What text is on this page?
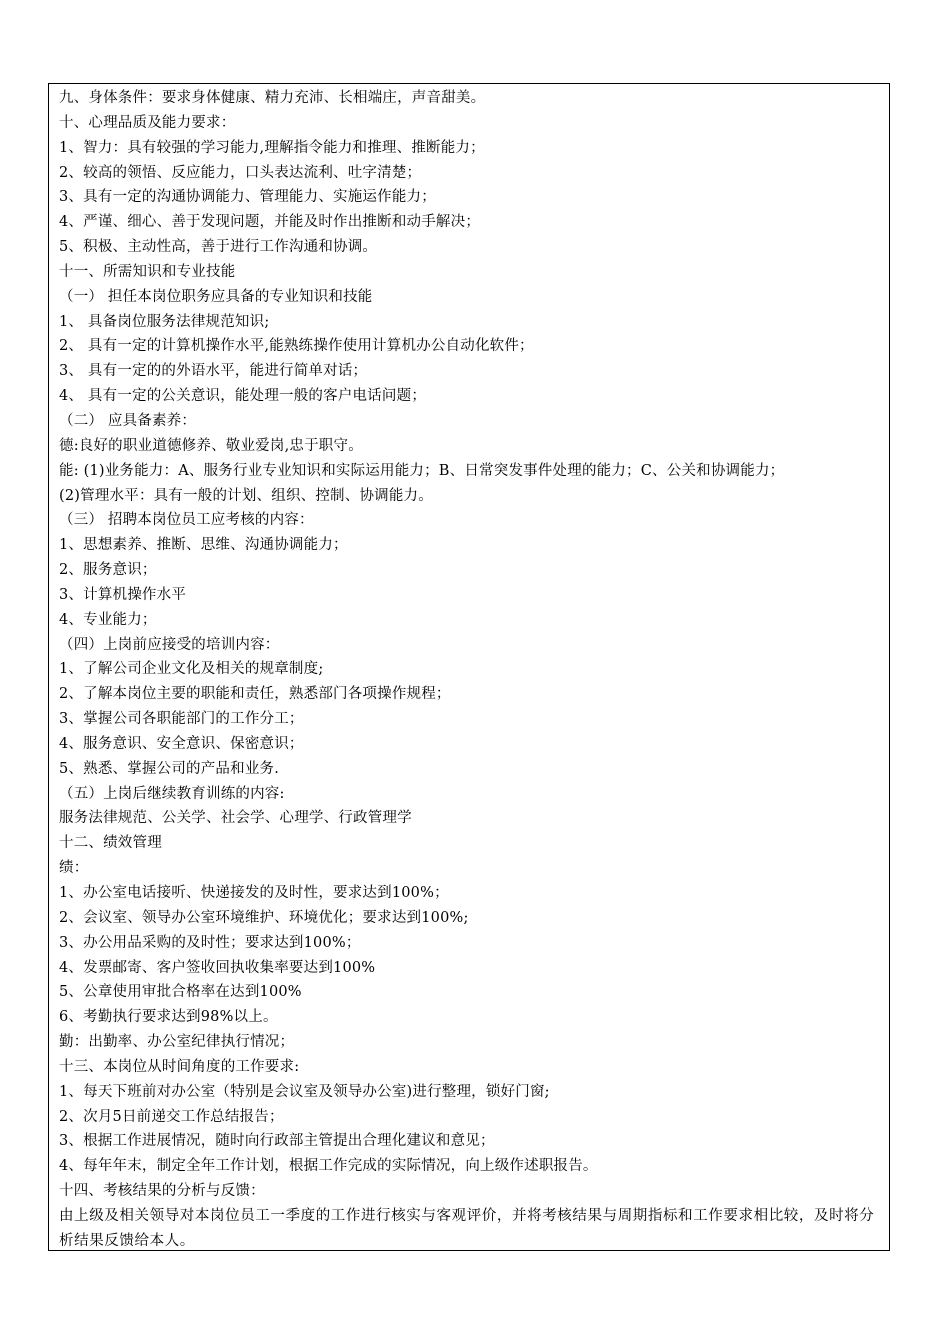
九、身体条件：要求身体健康、精力充沛、长相端庄，声音甜美。
十、心理品质及能力要求：
1、智力：具有较强的学习能力,理解指令能力和推理、推断能力；
2、较高的领悟、反应能力，口头表达流利、吐字清楚；
3、具有一定的沟通协调能力、管理能力、实施运作能力；
4、严谨、细心、善于发现问题，并能及时作出推断和动手解决；
5、积极、主动性高，善于进行工作沟通和协调。
十一、所需知识和专业技能
（一） 担任本岗位职务应具备的专业知识和技能
1、 具备岗位服务法律规范知识;
2、 具有一定的计算机操作水平,能熟练操作使用计算机办公自动化软件；
3、 具有一定的的外语水平，能进行简单对话；
4、 具有一定的公关意识，能处理一般的客户电话问题；
（二） 应具备素养：
德:良好的职业道德修养、敬业爱岗,忠于职守。
能: (1)业务能力：A、服务行业专业知识和实际运用能力；B、日常突发事件处理的能力；C、公关和协调能力；
(2)管理水平：具有一般的计划、组织、控制、协调能力。
（三） 招聘本岗位员工应考核的内容：
1、思想素养、推断、思维、沟通协调能力；
2、服务意识；
3、计算机操作水平
4、专业能力；
（四）上岗前应接受的培训内容：
1、了解公司企业文化及相关的规章制度;
2、了解本岗位主要的职能和责任，熟悉部门各项操作规程；
3、掌握公司各职能部门的工作分工；
4、服务意识、安全意识、保密意识；
5、熟悉、掌握公司的产品和业务.
（五）上岗后继续教育训练的内容:
服务法律规范、公关学、社会学、心理学、行政管理学
十二、绩效管理
绩：
1、办公室电话接听、快递接发的及时性，要求达到100%；
2、会议室、领导办公室环境维护、环境优化；要求达到100%;
3、办公用品采购的及时性；要求达到100%；
4、发票邮寄、客户签收回执收集率要达到100%
5、公章使用审批合格率在达到100%
6、考勤执行要求达到98%以上。
勤：出勤率、办公室纪律执行情况；
十三、本岗位从时间角度的工作要求:
1、每天下班前对办公室（特别是会议室及领导办公室)进行整理，锁好门窗;
2、次月5日前递交工作总结报告；
3、根据工作进展情况，随时向行政部主管提出合理化建议和意见；
4、每年年末，制定全年工作计划，根据工作完成的实际情况，向上级作述职报告。
十四、考核结果的分析与反馈：
由上级及相关领导对本岗位员工一季度的工作进行核实与客观评价，并将考核结果与周期指标和工作要求相比较，及时将分析结果反馈给本人。
